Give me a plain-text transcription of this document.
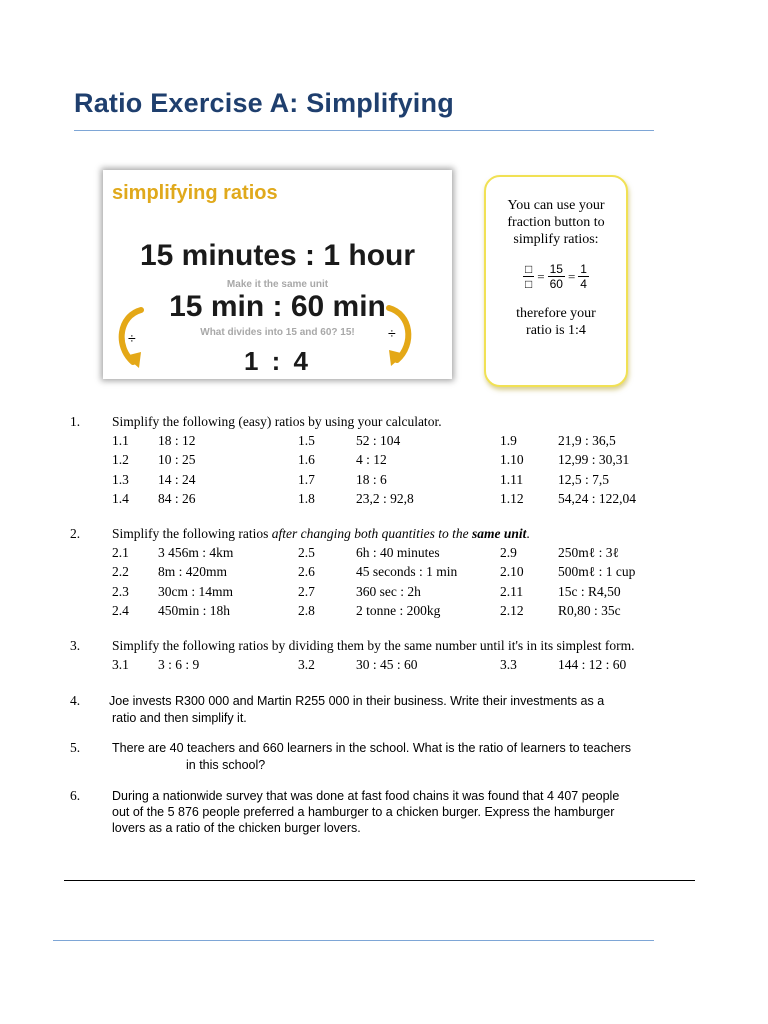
Ratio Exercise A: Simplifying
simplifying ratios
15 minutes : 1 hour
Make it the same unit
15 min : 60 min
What divides into 15 and 60? 15!
÷	÷
1 : 4
You can use your fraction button to simplify ratios:
$\frac{□}{□} = \frac{15}{60} = \frac{1}{4}$
therefore your ratio is 1:4
1. Simplify the following (easy) ratios by using your calculator.
1.1 18 : 12	1.5	52 : 104	1.9	21,9 : 36,5
1.2 10 : 25	1.6	4 : 12	1.10	12,99 : 30,31
1.3 14 : 24	1.7	18 : 6	1.11	12,5 : 7,5
1.4 84 : 26	1.8	23,2 : 92,8	1.12	54,24 : 122,04
2. Simplify the following ratios after changing both quantities to the same unit.
2.1 3 456m : 4km	2.5	6h : 40 minutes	2.9	250mℓ : 3ℓ
2.2 8m : 420mm	2.6	45 seconds : 1 min	2.10	500mℓ : 1 cup
2.3 30cm : 14mm	2.7	360 sec : 2h	2.11	15c : R4,50
2.4 450min : 18h	2.8	2 tonne : 200kg	2.12	R0,80 : 35c
3. Simplify the following ratios by dividing them by the same number until it's in its simplest form.
3.1 3 : 6 : 9	3.2	30 : 45 : 60	3.3	144 : 12 : 60
4. Joe invests R300 000 and Martin R255 000 in their business. Write their investments as a
ratio and then simplify it.
5.	There are 40 teachers and 660 learners in the school. What is the ratio of learners to teachers
in this school?
6.	During a nationwide survey that was done at fast food chains it was found that 4 407 people
out of the 5 876 people preferred a hamburger to a chicken burger. Express the hamburger
lovers as a ratio of the chicken burger lovers.
